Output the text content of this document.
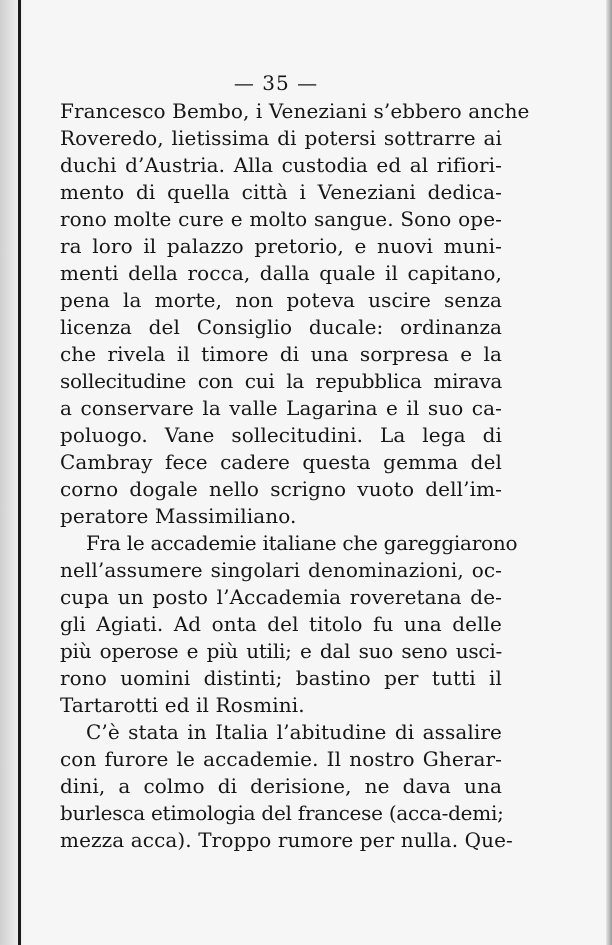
— 35 —
Francesco Bembo, i Veneziani s’ebbero anche
Roveredo, lietissima di potersi sottrarre ai
duchi d’Austria. Alla custodia ed al rifiori-
mento di quella città i Veneziani dedica-
rono molte cure e molto sangue. Sono ope-
ra loro il palazzo pretorio, e nuovi muni-
menti della rocca, dalla quale il capitano,
pena la morte, non poteva uscire senza
licenza del Consiglio ducale: ordinanza
che rivela il timore di una sorpresa e la
sollecitudine con cui la repubblica mirava
a conservare la valle Lagarina e il suo ca-
poluogo. Vane sollecitudini. La lega di
Cambray fece cadere questa gemma del
corno dogale nello scrigno vuoto dell’im-
peratore Massimiliano.
Fra le accademie italiane che gareggiarono
nell’assumere singolari denominazioni, oc-
cupa un posto l’Accademia roveretana de-
gli Agiati. Ad onta del titolo fu una delle
più operose e più utili; e dal suo seno usci-
rono uomini distinti; bastino per tutti il
Tartarotti ed il Rosmini.
C’è stata in Italia l’abitudine di assalire
con furore le accademie. Il nostro Gherar-
dini, a colmo di derisione, ne dava una
burlesca etimologia del francese (acca-demi;
mezza acca). Troppo rumore per nulla. Que-
